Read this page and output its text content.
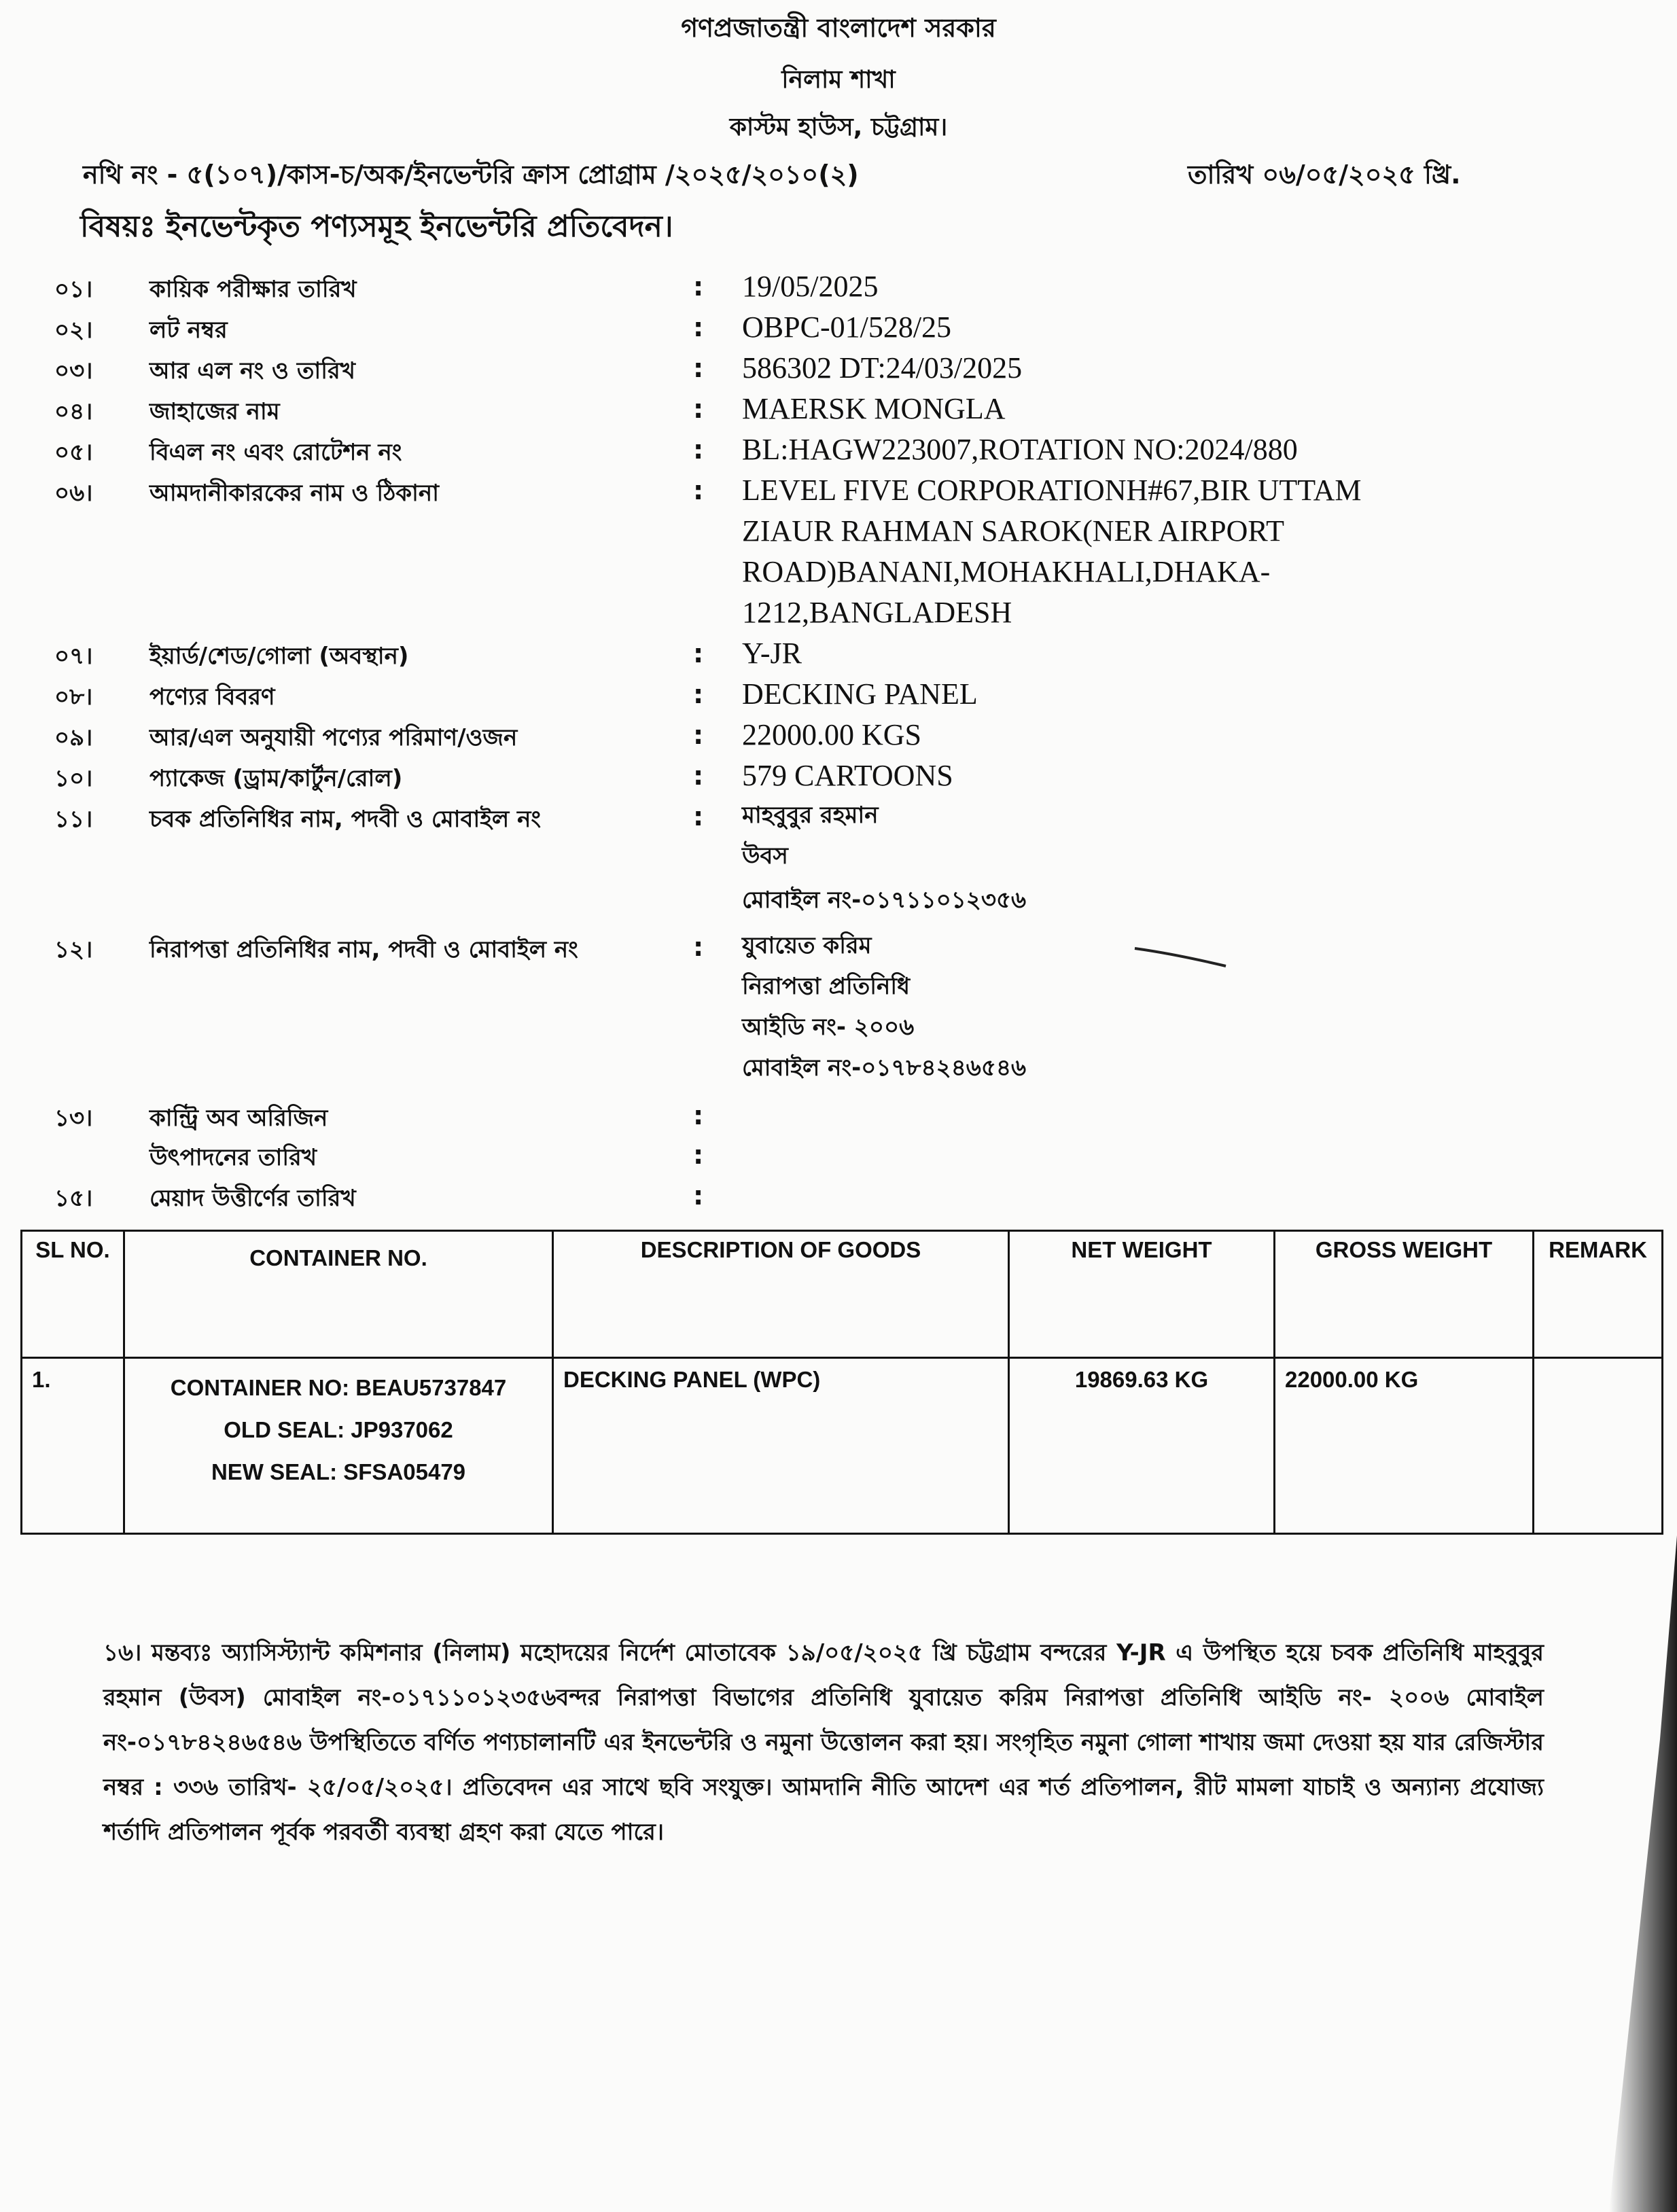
গণপ্রজাতন্ত্রী বাংলাদেশ সরকার
নিলাম শাখা
কাস্টম হাউস, চট্টগ্রাম।
নথি নং - ৫(১০৭)/কাস-চ/অক/ইনভেন্টরি ক্রাস প্রোগ্রাম /২০২৫/২০১০(২)	তারিখ ০৬/০৫/২০২৫ খ্রি.
বিষয়ঃ ইনভেন্টকৃত পণ্যসমূহ ইনভেন্টরি প্রতিবেদন।
০১।	কায়িক পরীক্ষার তারিখ	: 19/05/2025
০২।	লট নম্বর	: OBPC-01/528/25
০৩।	আর এল নং ও তারিখ	: 586302 DT:24/03/2025
০৪।	জাহাজের নাম	: MAERSK MONGLA
০৫।	বিএল নং এবং রোটেশন নং	: BL:HAGW223007,ROTATION NO:2024/880
০৬।	আমদানীকারকের নাম ও ঠিকানা	: LEVEL FIVE CORPORATIONH#67,BIR UTTAM
ZIAUR RAHMAN SAROK(NER AIRPORT
ROAD)BANANI,MOHAKHALI,DHAKA-
1212,BANGLADESH
০৭।	ইয়ার্ড/শেড/গোলা (অবস্থান)	: Y-JR
০৮।	পণ্যের বিবরণ	: DECKING PANEL
০৯।	আর/এল অনুযায়ী পণ্যের পরিমাণ/ওজন	: 22000.00 KGS
১০।	প্যাকেজ (ড্রাম/কার্টুন/রোল)	: 579 CARTOONS
১১।	চবক প্রতিনিধির নাম, পদবী ও মোবাইল নং	: মাহবুবুর রহমান
উবস
মোবাইল নং-০১৭১১০১২৩৫৬
১২।	নিরাপত্তা প্রতিনিধির নাম, পদবী ও মোবাইল নং	: যুবায়েত করিম
নিরাপত্তা প্রতিনিধি
আইডি নং- ২০০৬
মোবাইল নং-০১৭৮৪২৪৬৫৪৬
১৩।	কান্ট্রি অব অরিজিন	:
উৎপাদনের তারিখ	:
১৫।	মেয়াদ উত্তীর্ণের তারিখ	:
SL NO.	CONTAINER NO.	DESCRIPTION OF GOODS	NET WEIGHT	GROSS WEIGHT	REMARK
1.	CONTAINER NO: BEAU5737847
OLD SEAL: JP937062
NEW SEAL: SFSA05479	DECKING PANEL (WPC)	19869.63 KG	22000.00 KG	
১৬। মন্তব্যঃ অ্যাসিস্ট্যান্ট কমিশনার (নিলাম) মহোদয়ের নির্দেশ মোতাবেক ১৯/০৫/২০২৫ খ্রি চট্টগ্রাম বন্দরের Y-JR এ উপস্থিত হয়ে চবক প্রতিনিধি মাহবুবুর রহমান (উবস) মোবাইল নং-০১৭১১০১২৩৫৬বন্দর নিরাপত্তা বিভাগের প্রতিনিধি যুবায়েত করিম নিরাপত্তা প্রতিনিধি আইডি নং- ২০০৬ মোবাইল নং-০১৭৮৪২৪৬৫৪৬ উপস্থিতিতে বর্ণিত পণ্যচালানটি এর ইনভেন্টরি ও নমুনা উত্তোলন করা হয়। সংগৃহিত নমুনা গোলা শাখায় জমা দেওয়া হয় যার রেজিস্টার নম্বর : ৩৩৬ তারিখ- ২৫/০৫/২০২৫। প্রতিবেদন এর সাথে ছবি সংযুক্ত। আমদানি নীতি আদেশ এর শর্ত প্রতিপালন, রীট মামলা যাচাই ও অন্যান্য প্রযোজ্য শর্তাদি প্রতিপালন পূর্বক পরবর্তী ব্যবস্থা গ্রহণ করা যেতে পারে।
